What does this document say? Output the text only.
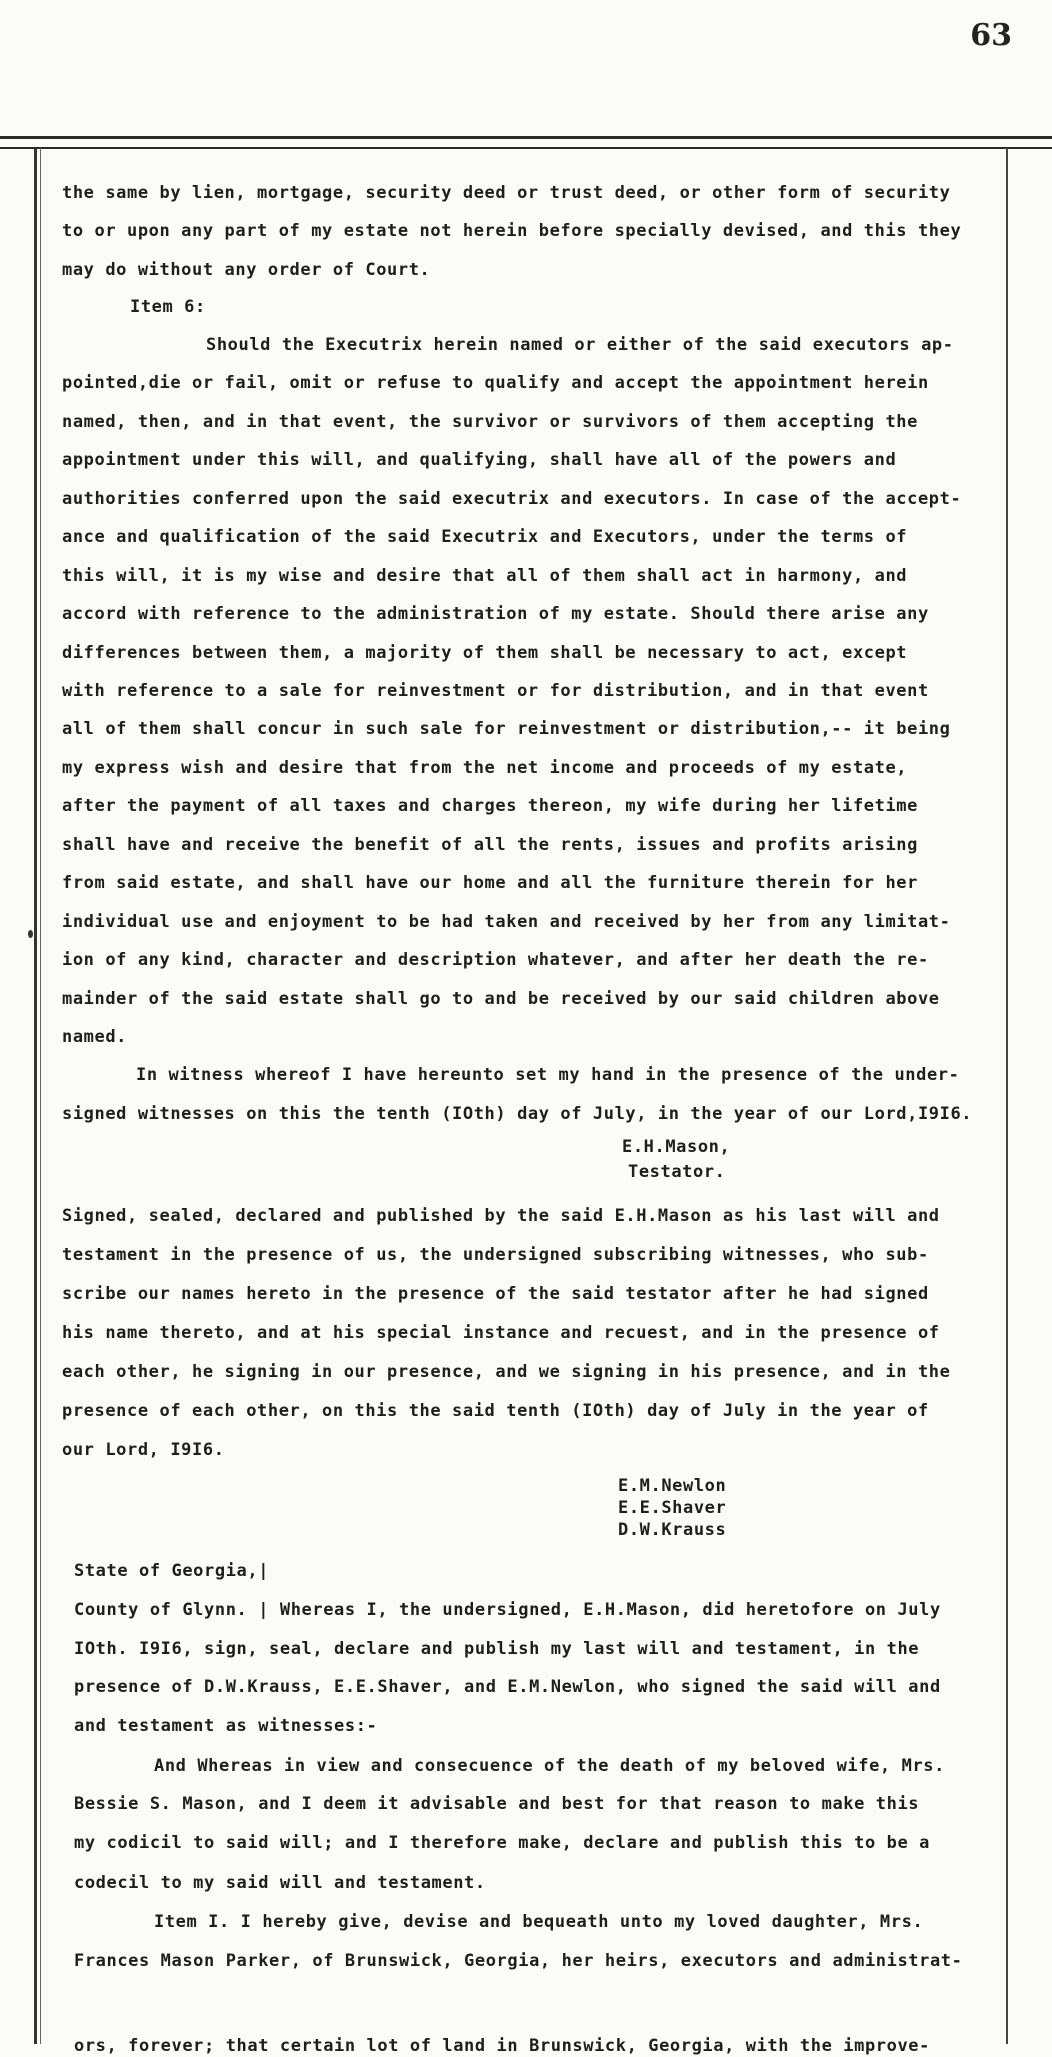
63
the same by lien, mortgage, security deed or trust deed, or other form of security
to or upon any part of my estate not herein before specially devised, and this they
may do without any order of Court.
Item 6:
Should the Executrix herein named or either of the said executors ap-
pointed,die or fail, omit or refuse to qualify and accept the appointment herein
named, then, and in that event, the survivor or survivors of them accepting the
appointment under this will, and qualifying, shall have all of the powers and
authorities conferred upon the said executrix and executors. In case of the accept-
ance and qualification of the said Executrix and Executors, under the terms of
this will, it is my wise and desire that all of them shall act in harmony, and
accord with reference to the administration of my estate. Should there arise any
differences between them, a majority of them shall be necessary to act, except
with reference to a sale for reinvestment or for distribution, and in that event
all of them shall concur in such sale for reinvestment or distribution,-- it being
my express wish and desire that from the net income and proceeds of my estate,
after the payment of all taxes and charges thereon, my wife during her lifetime
shall have and receive the benefit of all the rents, issues and profits arising
from said estate, and shall have our home and all the furniture therein for her
individual use and enjoyment to be had taken and received by her from any limitat-
ion of any kind, character and description whatever, and after her death the re-
mainder of the said estate shall go to and be received by our said children above
named.
In witness whereof I have hereunto set my hand in the presence of the under-
signed witnesses on this the tenth (IOth) day of July, in the year of our Lord,I9I6.
E.H.Mason,
Testator.
Signed, sealed, declared and published by the said E.H.Mason as his last will and
testament in the presence of us, the undersigned subscribing witnesses, who sub-
scribe our names hereto in the presence of the said testator after he had signed
his name thereto, and at his special instance and recuest, and in the presence of
each other, he signing in our presence, and we signing in his presence, and in the
presence of each other, on this the said tenth (IOth) day of July in the year of
our Lord, I9I6.
E.M.Newlon
E.E.Shaver
D.W.Krauss
State of Georgia,|
County of Glynn. | Whereas I, the undersigned, E.H.Mason, did heretofore on July
IOth. I9I6, sign, seal, declare and publish my last will and testament, in the
presence of D.W.Krauss, E.E.Shaver, and E.M.Newlon, who signed the said will and
and testament as witnesses:-
And Whereas in view and consecuence of the death of my beloved wife, Mrs.
Bessie S. Mason, and I deem it advisable and best for that reason to make this
my codicil to said will; and I therefore make, declare and publish this to be a
codecil to my said will and testament.
Item I. I hereby give, devise and bequeath unto my loved daughter, Mrs.
Frances Mason Parker, of Brunswick, Georgia, her heirs, executors and administrat-
ors, forever; that certain lot of land in Brunswick, Georgia, with the improve-
